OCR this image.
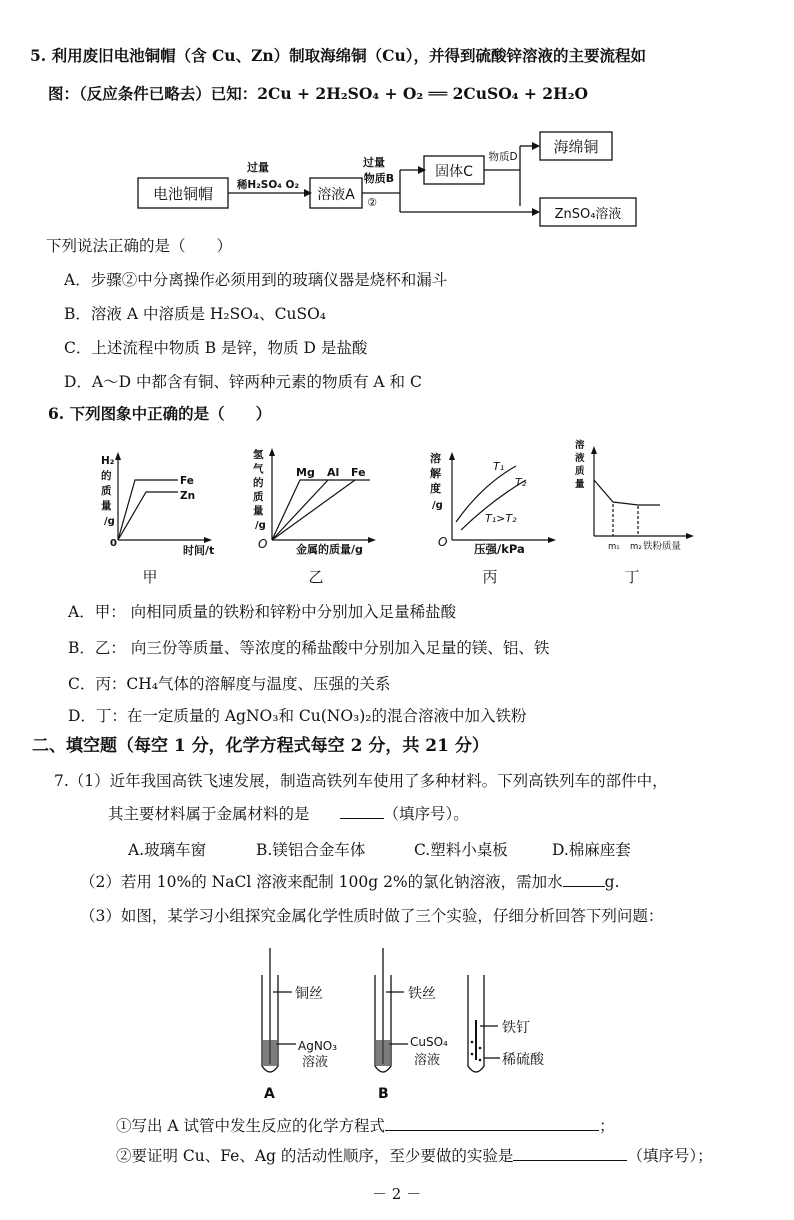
5. 利用废旧电池铜帽（含 Cu、Zn）制取海绵铜（Cu），并得到硫酸锌溶液的主要流程如
图：（反应条件已略去）已知：2Cu + 2H₂SO₄ + O₂ ══ 2CuSO₄ + 2H₂O
电池铜帽	溶液A
固体C
海绵铜
ZnSO₄溶液
过量
稀H₂SO₄ O₂
过量
物质B
②
物质D
下列说法正确的是（　　）
A．步骤②中分离操作必须用到的玻璃仪器是烧杯和漏斗
B．溶液 A 中溶质是 H₂SO₄、CuSO₄
C．上述流程中物质 B 是锌，物质 D 是盐酸
D．A～D 中都含有铜、锌两种元素的物质有 A 和 C
6. 下列图象中正确的是（　　）
H₂
的
质
量
/g
0
时间/t
Fe
Zn
氢
气
的
质
量
/g
O	金属的质量/g
Mg Al Fe
溶
解
度
/g
O 压强/kPa
T₁
T₂
T₁>T₂
溶
液
质
量
m₁ m₂ 铁粉质量
甲	乙	丙	丁
A．甲： 向相同质量的铁粉和锌粉中分别加入足量稀盐酸
B．乙： 向三份等质量、等浓度的稀盐酸中分别加入足量的镁、铝、铁
C．丙：CH₄气体的溶解度与温度、压强的关系
D．丁：在一定质量的 AgNO₃和 Cu(NO₃)₂的混合溶液中加入铁粉
二、填空题（每空 1 分，化学方程式每空 2 分，共 21 分）
7.（1）近年我国高铁飞速发展，制造高铁列车使用了多种材料。下列高铁列车的部件中，
其主要材料属于金属材料的是	（填序号）。
A.玻璃车窗	B.镁铝合金车体	C.塑料小桌板	D.棉麻座套
（2）若用 10%的 NaCl 溶液来配制 100g 2%的氯化钠溶液，需加水	g.
（3）如图，某学习小组探究金属化学性质时做了三个实验，仔细分析回答下列问题：
铜丝
AgNO₃
溶液
A
铁丝
CuSO₄
溶液
B
铁钉
稀硫酸
①写出 A 试管中发生反应的化学方程式	；
②要证明 Cu、Fe、Ag 的活动性顺序，至少要做的实验是	（填序号）；
－ 2 －
